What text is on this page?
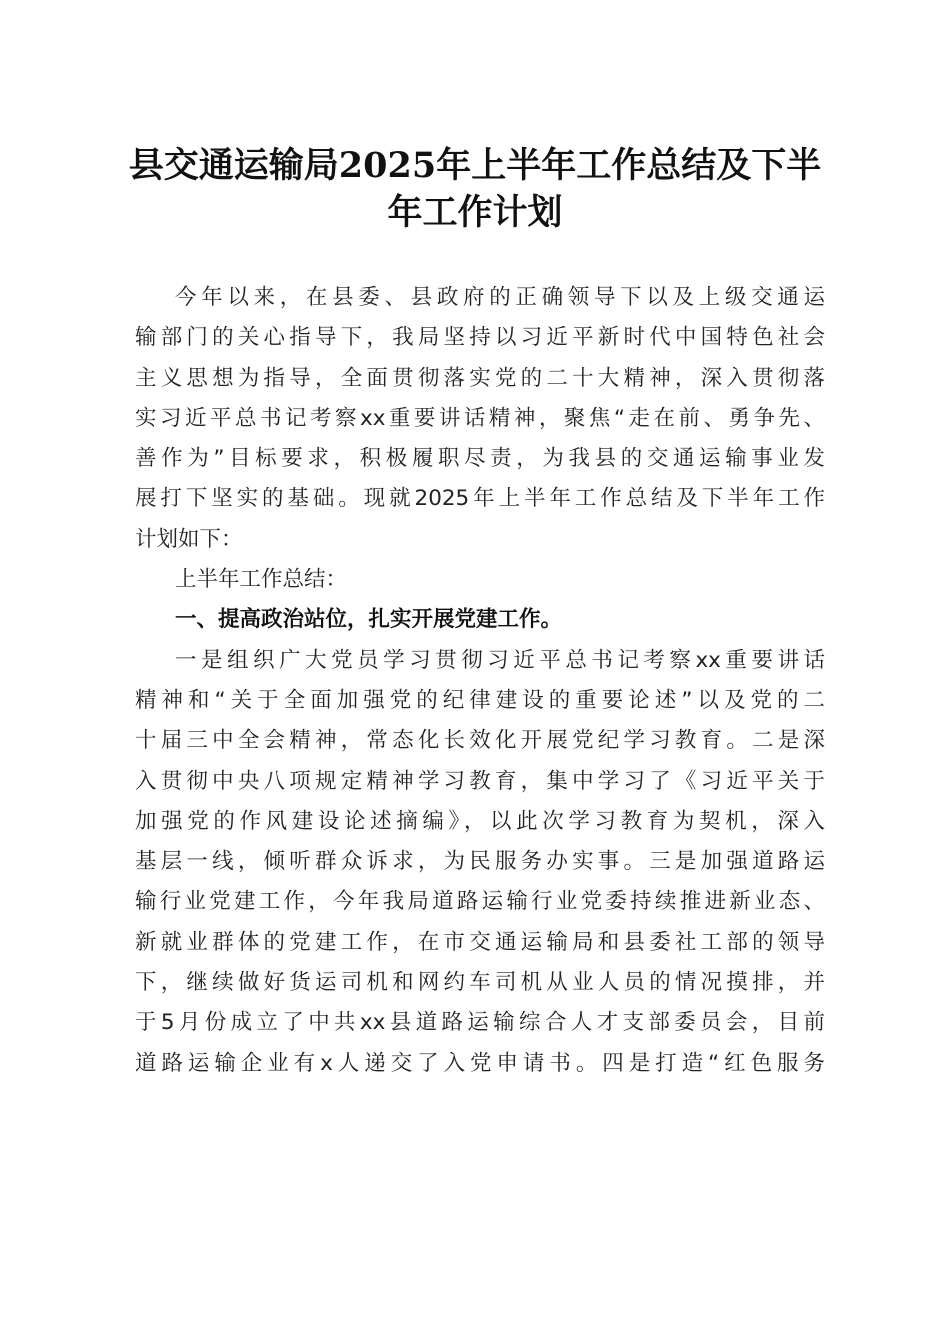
县交通运输局2025年上半年工作总结及下半
年工作计划
今年以来，在县委、县政府的正确领导下以及上级交通运
输部门的关心指导下，我局坚持以习近平新时代中国特色社会
主义思想为指导，全面贯彻落实党的二十大精神，深入贯彻落
实习近平总书记考察xx重要讲话精神，聚焦“走在前、勇争先、
善作为”目标要求，积极履职尽责，为我县的交通运输事业发
展打下坚实的基础。现就2025年上半年工作总结及下半年工作
计划如下：
上半年工作总结：
一、提高政治站位，扎实开展党建工作。
一是组织广大党员学习贯彻习近平总书记考察xx重要讲话
精神和“关于全面加强党的纪律建设的重要论述”以及党的二
十届三中全会精神，常态化长效化开展党纪学习教育。二是深
入贯彻中央八项规定精神学习教育，集中学习了《习近平关于
加强党的作风建设论述摘编》，以此次学习教育为契机，深入
基层一线，倾听群众诉求，为民服务办实事。三是加强道路运
输行业党建工作，今年我局道路运输行业党委持续推进新业态、
新就业群体的党建工作，在市交通运输局和县委社工部的领导
下，继续做好货运司机和网约车司机从业人员的情况摸排，并
于5月份成立了中共xx县道路运输综合人才支部委员会，目前
道路运输企业有x人递交了入党申请书。四是打造“红色服务
